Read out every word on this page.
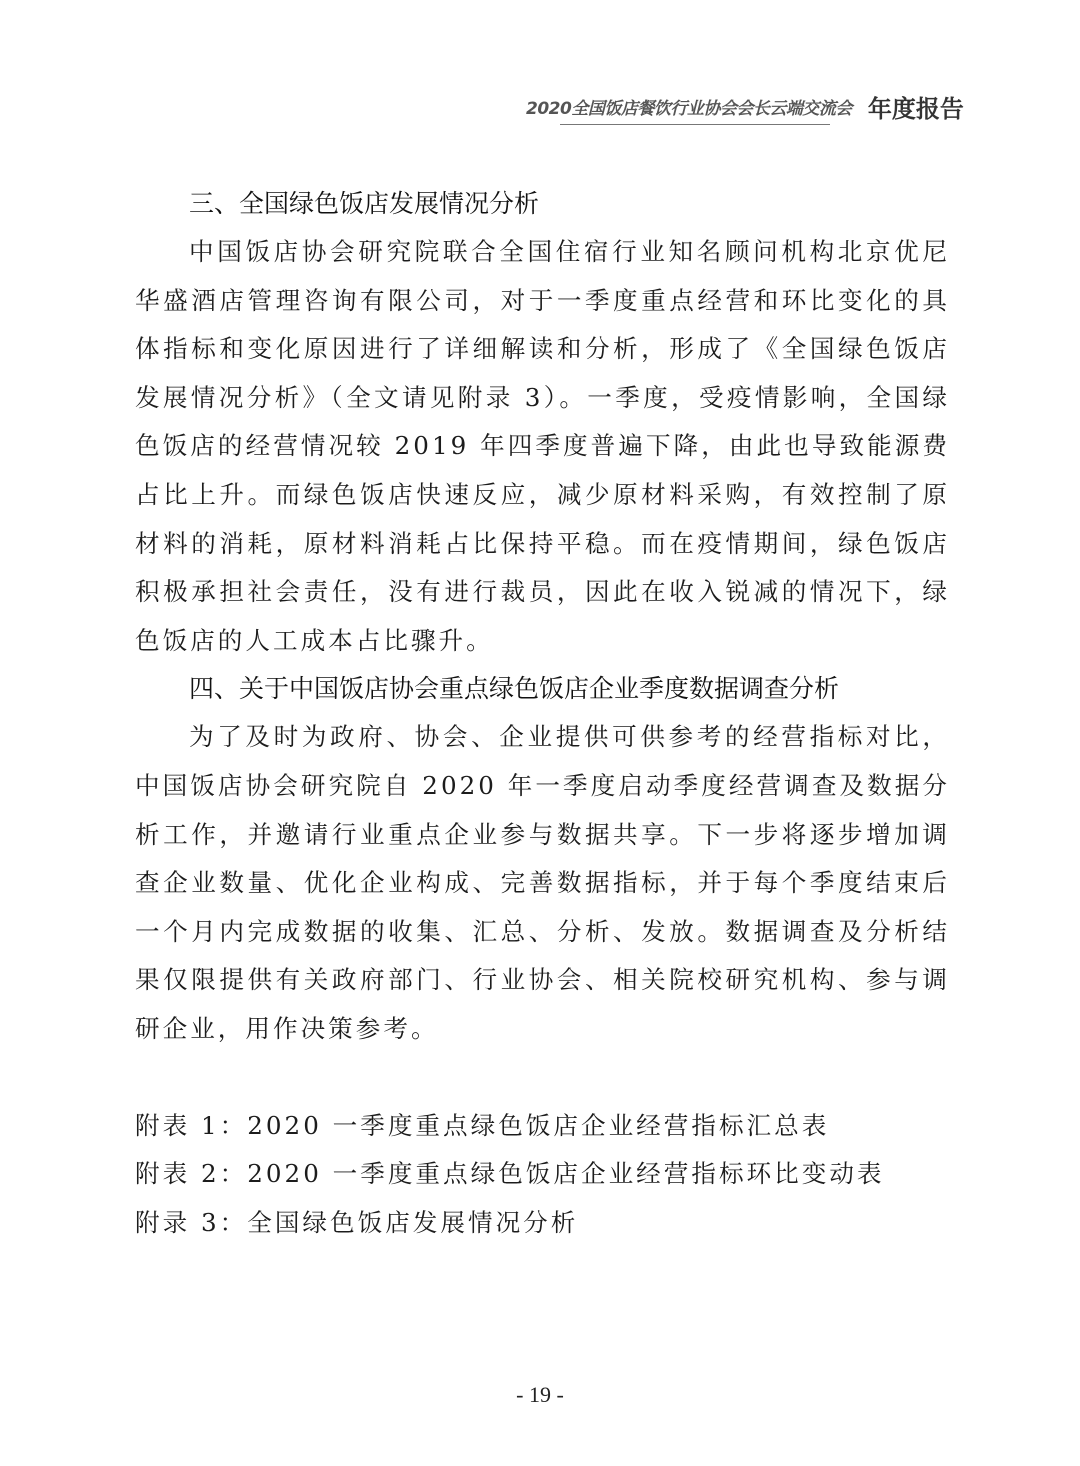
2020全国饭店餐饮行业协会会长云端交流会 年度报告
三、全国绿色饭店发展情况分析

中国饭店协会研究院联合全国住宿行业知名顾问机构北京优尼华盛酒店管理咨询有限公司，对于一季度重点经营和环比变化的具体指标和变化原因进行了详细解读和分析，形成了《全国绿色饭店发展情况分析》（全文请见附录 3）。一季度，受疫情影响，全国绿色饭店的经营情况较 2019 年四季度普遍下降，由此也导致能源费占比上升。而绿色饭店快速反应，减少原材料采购，有效控制了原材料的消耗，原材料消耗占比保持平稳。而在疫情期间，绿色饭店积极承担社会责任，没有进行裁员，因此在收入锐减的情况下，绿色饭店的人工成本占比骤升。

四、关于中国饭店协会重点绿色饭店企业季度数据调查分析

为了及时为政府、协会、企业提供可供参考的经营指标对比，中国饭店协会研究院自 2020 年一季度启动季度经营调查及数据分析工作，并邀请行业重点企业参与数据共享。下一步将逐步增加调查企业数量、优化企业构成、完善数据指标，并于每个季度结束后一个月内完成数据的收集、汇总、分析、发放。数据调查及分析结果仅限提供有关政府部门、行业协会、相关院校研究机构、参与调研企业，用作决策参考。

附表 1：2020 一季度重点绿色饭店企业经营指标汇总表

附表 2：2020 一季度重点绿色饭店企业经营指标环比变动表

附录 3：全国绿色饭店发展情况分析

- 19 -
